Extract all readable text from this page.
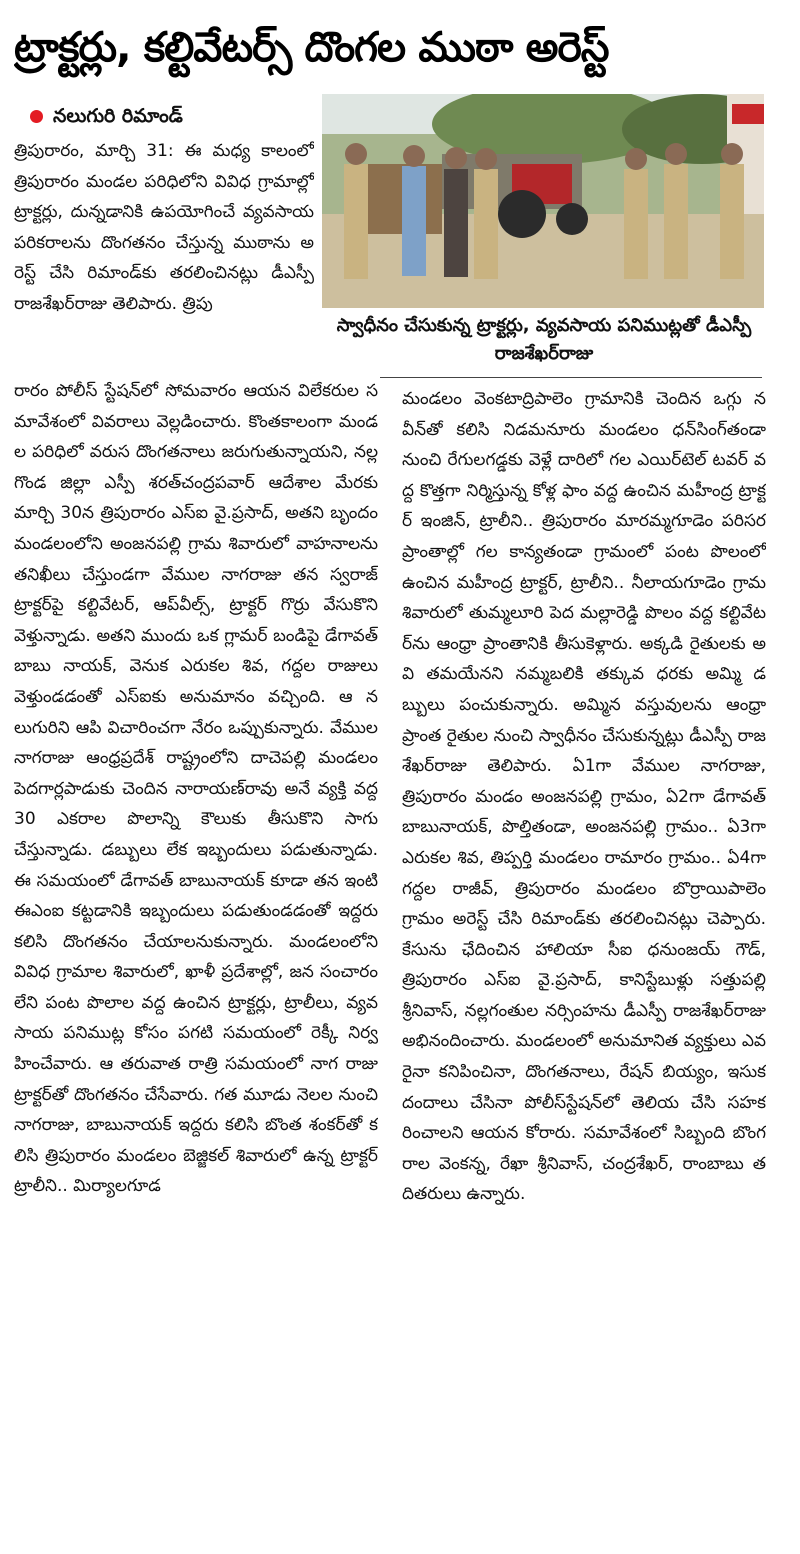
ట్రాక్టర్లు, కల్టివేటర్స్ దొంగల ముఠా అరెస్ట్
నలుగురి రిమాండ్
స్వాధీనం చేసుకున్న ట్రాక్టర్లు, వ్యవసాయ పనిముట్లతో డీఎస్పీ రాజశేఖర్‌రాజు
త్రిపురారం, మార్చి 31: ఈ మధ్య కాలంలో త్రిపురారం మండల పరిధిలోని వివిధ గ్రామాల్లో ట్రాక్టర్లు, దున్నడానికి ఉపయోగించే వ్యవసాయ పరికరాలను దొంగతనం చేస్తున్న ముఠాను అరెస్ట్ చేసి రిమాండ్‌కు తరలించినట్లు డీఎస్పీ రాజశేఖర్‌రాజు తెలిపారు. త్రిపు
రారం పోలీస్ స్టేషన్‌లో సోమవారం ఆయన విలేకరుల సమావేశంలో వివరాలు వెల్లడించారు. కొంతకాలంగా మండల పరిధిలో వరుస దొంగతనాలు జరుగుతున్నాయని, నల్లగొండ జిల్లా ఎస్పీ శరత్‌చంద్రపవార్ ఆదేశాల మేరకు మార్చి 30న త్రిపురారం ఎస్ఐ వై.ప్రసాద్, అతని బృందం మండలంలోని అంజనపల్లి గ్రామ శివారులో వాహనాలను తనిఖీలు చేస్తుండగా వేముల నాగరాజు తన స్వరాజ్ ట్రాక్టర్‌పై కల్టివేటర్, ఆప్‌వీల్స్, ట్రాక్టర్ గొర్రు వేసుకొని వెళ్తున్నాడు. అతని ముందు ఒక గ్లామర్ బండిపై డేగావత్ బాబు నాయక్, వెనుక ఎరుకల శివ, గద్దల రాజులు వెళ్తుండడంతో ఎస్ఐకు అనుమానం వచ్చింది. ఆ నలుగురిని ఆపి విచారించగా నేరం ఒప్పుకున్నారు. వేముల నాగరాజు ఆంధ్రప్రదేశ్ రాష్ట్రంలోని దాచెపల్లి మండలం పెదగార్లపాడుకు చెందిన నారాయణ్‌రావు అనే వ్యక్తి వద్ద 30 ఎకరాల పొలాన్ని కౌలుకు తీసుకొని సాగు చేస్తున్నాడు. డబ్బులు లేక ఇబ్బందులు పడుతున్నాడు. ఈ సమయంలో డేగావత్ బాబునాయక్ కూడా తన ఇంటి ఈఎంఐ కట్టడానికి ఇబ్బందులు పడుతుండడంతో ఇద్దరు కలిసి దొంగతనం చేయాలనుకున్నారు. మండలంలోని వివిధ గ్రామాల శివారులో, ఖాళీ ప్రదేశాల్లో, జన సంచారం లేని పంట పొలాల వద్ద ఉంచిన ట్రాక్టర్లు, ట్రాలీలు, వ్యవసాయ పనిముట్ల కోసం పగటి సమయంలో రెక్కీ నిర్వహించేవారు. ఆ తరువాత రాత్రి సమయంలో నాగ రాజు ట్రాక్టర్‌తో దొంగతనం చేసేవారు. గత మూడు నెలల నుంచి నాగరాజు, బాబునాయక్ ఇద్దరు కలిసి బొంత శంకర్‌తో కలిసి త్రిపురారం మండలం బెజ్జికల్ శివారులో ఉన్న ట్రాక్టర్ ట్రాలీని.. మిర్యాలగూడ
మండలం వెంకటాద్రిపాలెం గ్రామానికి చెందిన ఒగ్గు నవీన్‌తో కలిసి నిడమనూరు మండలం ధన్‌సింగ్‌తండా నుంచి రేగులగడ్డకు వెళ్లే దారిలో గల ఎయిర్‌టెల్ టవర్ వద్ద కొత్తగా నిర్మిస్తున్న కోళ్ల ఫాం వద్ద ఉంచిన మహీంద్ర ట్రాక్టర్ ఇంజిన్, ట్రాలీని.. త్రిపురారం మారమ్మగూడెం పరిసర ప్రాంతాల్లో గల కాన్యతండా గ్రామంలో పంట పొలంలో ఉంచిన మహీంద్ర ట్రాక్టర్, ట్రాలీని.. నీలాయగూడెం గ్రామ శివారులో తుమ్మలూరి పెద మల్లారెడ్డి పొలం వద్ద కల్టివేటర్‌ను ఆంధ్రా ప్రాంతానికి తీసుకెళ్లారు. అక్కడి రైతులకు అవి తమయేనని నమ్మబలికి తక్కువ ధరకు అమ్మి డబ్బులు పంచుకున్నారు. అమ్మిన వస్తువులను ఆంధ్రా ప్రాంత రైతుల నుంచి స్వాధీనం చేసుకున్నట్లు డీఎస్పీ రాజశేఖర్‌రాజు తెలిపారు. ఏ1గా వేముల నాగరాజు, త్రిపురారం మండం అంజనపల్లి గ్రామం, ఏ2గా డేగావత్ బాబునాయక్, పొల్తితండా, అంజనపల్లి గ్రామం.. ఏ3గా ఎరుకల శివ, తిప్పర్తి మండలం రామారం గ్రామం.. ఏ4గా గద్దల రాజీవ్, త్రిపురారం మండలం బొర్రాయిపాలెం గ్రామం అరెస్ట్ చేసి రిమాండ్‌కు తరలించినట్లు చెప్పారు. కేసును ఛేదించిన హాలియా సీఐ ధనుంజయ్ గౌడ్, త్రిపురారం ఎస్ఐ వై.ప్రసాద్, కానిస్టేబుళ్లు సత్తుపల్లి శ్రీనివాస్, నల్లగంతుల నర్సింహను డీఎస్పీ రాజశేఖర్‌రాజు అభినందించారు. మండలంలో అనుమానిత వ్యక్తులు ఎవరైనా కనిపించినా, దొంగతనాలు, రేషన్ బియ్యం, ఇసుక దందాలు చేసినా పోలీస్‌స్టేషన్‌లో తెలియ చేసి సహకరించాలని ఆయన కోరారు. సమావేశంలో సిబ్బంది బొంగరాల వెంకన్న, రేఖా శ్రీనివాస్, చంద్రశేఖర్, రాంబాబు తదితరులు ఉన్నారు.
